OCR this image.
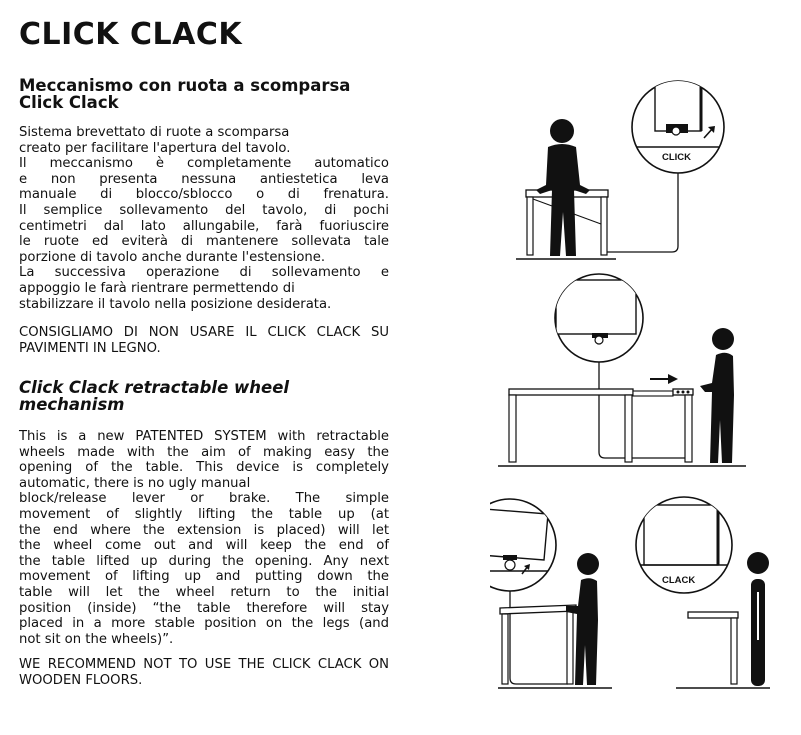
CLICK CLACK
Meccanismo con ruota a scomparsa
Click Clack
Sistema brevettato di ruote a scomparsa
creato per facilitare l'apertura del tavolo.
Il meccanismo è completamente automatico
e non presenta nessuna antiestetica leva
manuale di blocco/sblocco o di frenatura.
Il semplice sollevamento del tavolo, di pochi
centimetri dal lato allungabile, farà fuoriuscire
le ruote ed eviterà di mantenere sollevata tale
porzione di tavolo anche durante l'estensione.
La successiva operazione di sollevamento e
appoggio le farà rientrare permettendo di
stabilizzare il tavolo nella posizione desiderata.
CONSIGLIAMO DI NON USARE IL CLICK CLACK SU
PAVIMENTI IN LEGNO.
Click Clack retractable wheel
mechanism
This is a new PATENTED SYSTEM with retractable
wheels made with the aim of making easy the
opening of the table. This device is completely
automatic, there is no ugly manual
block/release lever or brake. The simple
movement of slightly lifting the table up (at
the end where the extension is placed) will let
the wheel come out and will keep the end of
the table lifted up during the opening. Any next
movement of lifting up and putting down the
table will let the wheel return to the initial
position (inside) “the table therefore will stay
placed in a more stable position on the legs (and
not sit on the wheels)”.
WE RECOMMEND NOT TO USE THE CLICK CLACK ON
WOODEN FLOORS.
CLICK
CLACK
